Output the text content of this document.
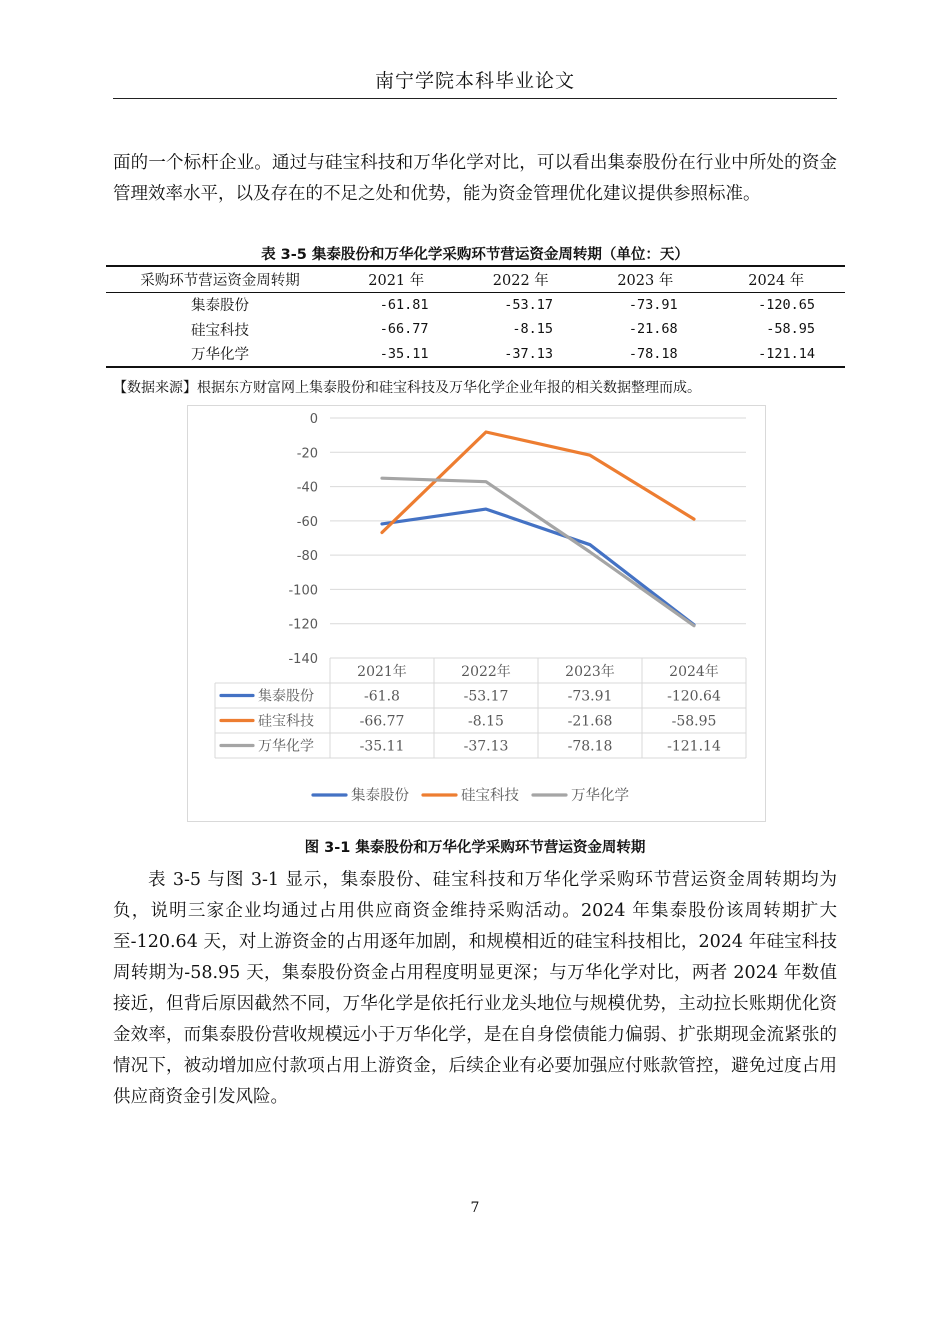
南宁学院本科毕业论文
面的一个标杆企业。通过与硅宝科技和万华化学对比，可以看出集泰股份在行业中所处的资金管理效率水平，以及存在的不足之处和优势，能为资金管理优化建议提供参照标准。
表 3-5 集泰股份和万华化学采购环节营运资金周转期（单位：天）
采购环节营运资金周转期	2021 年	2022 年	2023 年	2024 年
集泰股份	-61.81	-53.17	-73.91	-120.65
硅宝科技	-66.77	-8.15	-21.68	-58.95
万华化学	-35.11	-37.13	-78.18	-121.14
【数据来源】根据东方财富网上集泰股份和硅宝科技及万华化学企业年报的相关数据整理而成。
0
-20
-40
-60
-80
-100
-120
-140
2021年	2022年	2023年	2024年
集泰股份	-61.8	-53.17	-73.91	-120.64
硅宝科技	-66.77	-8.15	-21.68	-58.95
万华化学	-35.11	-37.13	-78.18	-121.14
集泰股份	硅宝科技	万华化学
图 3-1 集泰股份和万华化学采购环节营运资金周转期
表 3-5 与图 3-1 显示，集泰股份、硅宝科技和万华化学采购环节营运资金周转期均为负，说明三家企业均通过占用供应商资金维持采购活动。2024 年集泰股份该周转期扩大至-120.64 天，对上游资金的占用逐年加剧，和规模相近的硅宝科技相比，2024 年硅宝科技周转期为-58.95 天，集泰股份资金占用程度明显更深；与万华化学对比，两者 2024 年数值接近，但背后原因截然不同，万华化学是依托行业龙头地位与规模优势，主动拉长账期优化资金效率，而集泰股份营收规模远小于万华化学，是在自身偿债能力偏弱、扩张期现金流紧张的情况下，被动增加应付款项占用上游资金，后续企业有必要加强应付账款管控，避免过度占用供应商资金引发风险。
7
